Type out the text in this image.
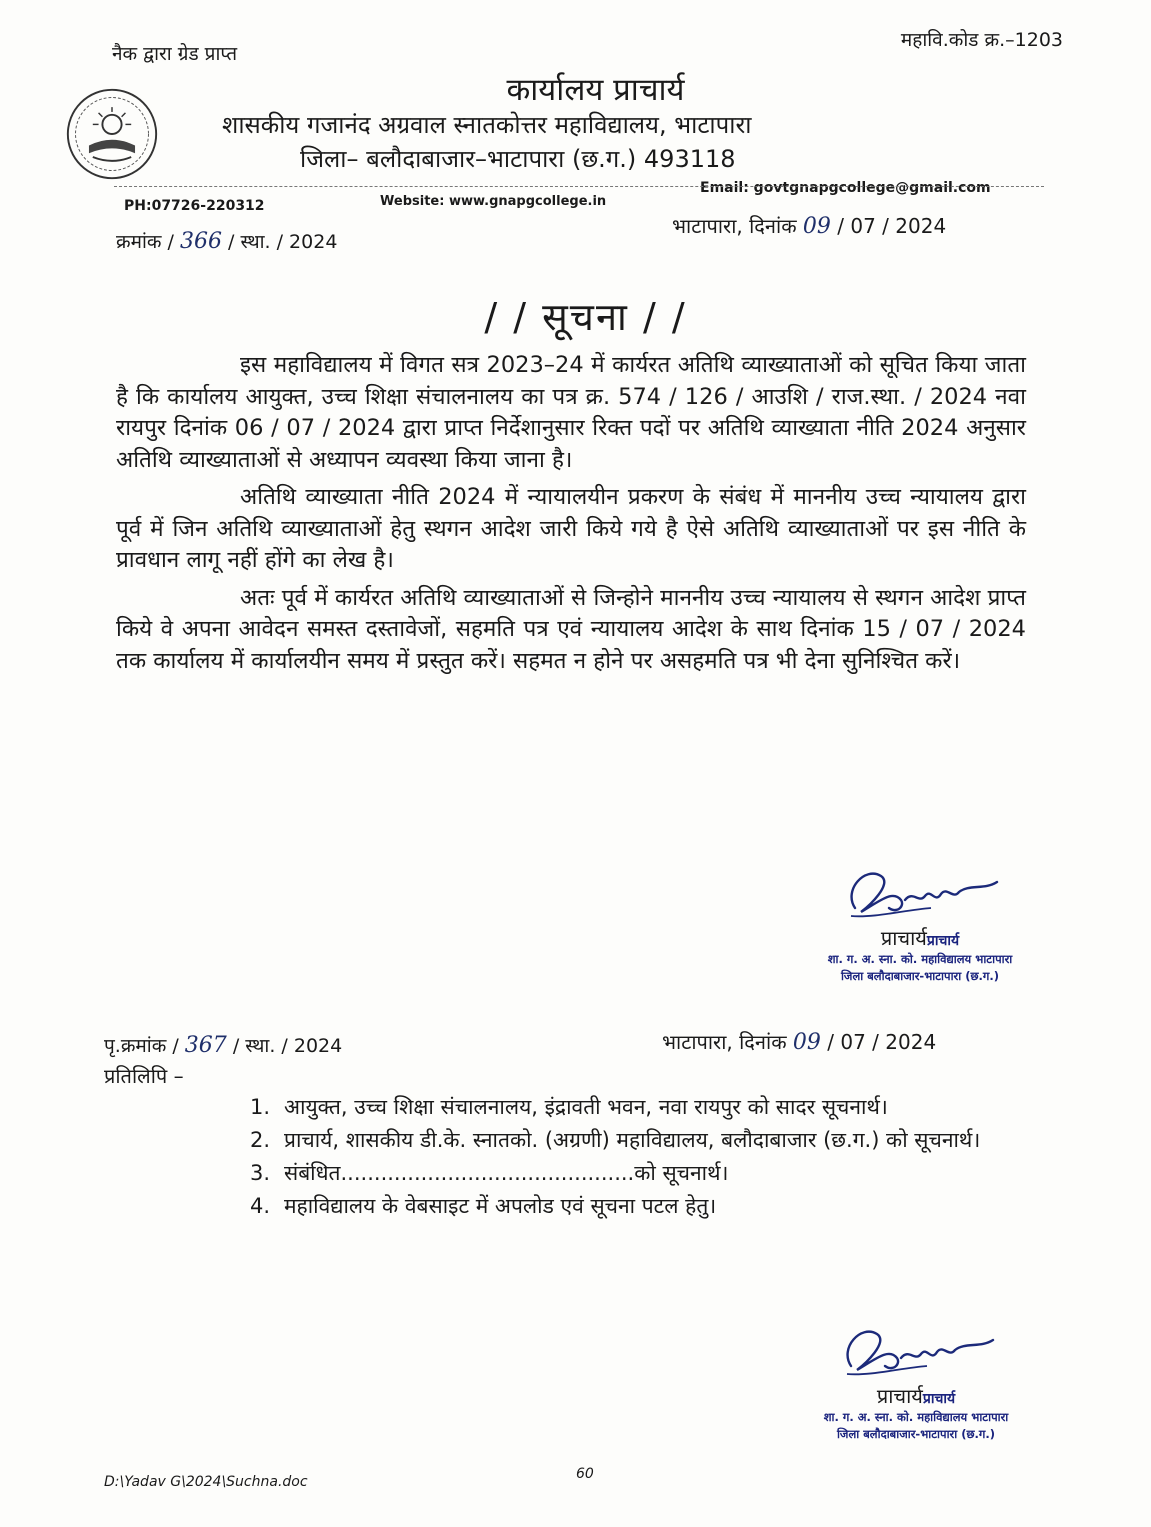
नैक द्वारा ग्रेड प्राप्त
महावि.कोड क्र.–1203
कार्यालय प्राचार्य
शासकीय गजानंद अग्रवाल स्नातकोत्तर महाविद्यालय, भाटापारा
जिला– बलौदाबाजार–भाटापारा (छ.ग.) 493118
Email: govtgnapgcollege@gmail.com
PH:07726-220312	Website: www.gnapgcollege.in
क्रमांक / 366 / स्था. / 2024
भाटापारा, दिनांक 09 / 07 / 2024
/ / सूचना / /

इस महाविद्यालय में विगत सत्र 2023–24 में कार्यरत अतिथि व्याख्याताओं को सूचित किया जाता है कि कार्यालय आयुक्त, उच्च शिक्षा संचालनालय का पत्र क्र. 574 / 126 / आउशि / राज.स्था. / 2024 नवा रायपुर दिनांक 06 / 07 / 2024 द्वारा प्राप्त निर्देशानुसार रिक्त पदों पर अतिथि व्याख्याता नीति 2024 अनुसार अतिथि व्याख्याताओं से अध्यापन व्यवस्था किया जाना है।

अतिथि व्याख्याता नीति 2024 में न्यायालयीन प्रकरण के संबंध में माननीय उच्च न्यायालय द्वारा पूर्व में जिन अतिथि व्याख्याताओं हेतु स्थगन आदेश जारी किये गये है ऐसे अतिथि व्याख्याताओं पर इस नीति के प्रावधान लागू नहीं होंगे का लेख है।

अतः पूर्व में कार्यरत अतिथि व्याख्याताओं से जिन्होने माननीय उच्च न्यायालय से स्थगन आदेश प्राप्त किये वे अपना आवेदन समस्त दस्तावेजों, सहमति पत्र एवं न्यायालय आदेश के साथ दिनांक 15 / 07 / 2024 तक कार्यालय में कार्यालयीन समय में प्रस्तुत करें। सहमत न होने पर असहमति पत्र भी देना सुनिश्चित करें।

प्राचार्यप्राचार्य
शा. ग. अ. स्ना. को. महाविद्यालय भाटापारा
जिला बलौदाबाजार-भाटापारा (छ.ग.)
पृ.क्रमांक / 367 / स्था. / 2024	भाटापारा, दिनांक 09 / 07 / 2024
प्रतिलिपि –
1. आयुक्त, उच्च शिक्षा संचालनालय, इंद्रावती भवन, नवा रायपुर को सादर सूचनार्थ।
2. प्राचार्य, शासकीय डी.के. स्नातको. (अग्रणी) महाविद्यालय, बलौदाबाजार (छ.ग.) को सूचनार्थ।
3. संबंधित............................................को सूचनार्थ।
4. महाविद्यालय के वेबसाइट में अपलोड एवं सूचना पटल हेतु।
प्राचार्यप्राचार्य
शा. ग. अ. स्ना. को. महाविद्यालय भाटापारा
जिला बलौदाबाजार-भाटापारा (छ.ग.)
D:\Yadav G\2024\Suchna.doc	60
